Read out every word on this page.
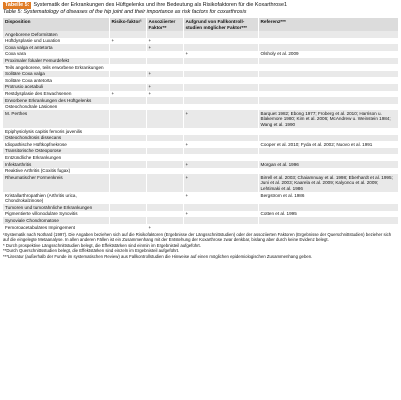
Tabelle 5: Systematik der Erkrankungen des Hüftgelenks und ihre Bedeutung als Risikofaktoren für die Koxarthrose1
Table 5: Systematology of diseases of the hip joint and their importance as risk factors for coxarthrosis
Disposition	Risiko-faktor¹	Assoziierter Faktor**	Aufgrund von Fallkontroll-studien möglicher Faktor***	Referenz***
Angeborene Deformitäten				
Hüftdysplasie und Luxation	+	+		
Coxa valga et antetorta		+		
Coxa vara			+	Olsholy et al. 2009
Proximaler fokaler Femurdefekt				
Teils angeborene, teils erworbene Erkrankungen				
Solitäre Coxa valga		+		
Solitäre Coxa antetorta				
Protrusio acetabuli		+		
Restdysplasie des Erwachsenen	+	+		
Erworbene Erkrankungen des Hüftgelenks				
Osteochondrale Läsionen				
M. Perthes			+	Barquet 1982; Ebong 1977; Froberg et al. 2010; Harrison u. Blakemore 1980; Kim et al. 2006; McAndrew u. Weinstein 1984; Wang et al. 1990
Epiphysiolysis capitis femoris juvenilis				
Osteochondrosis dissecans				
Idiopathische Hüftkopfnekrose			+	Cooper et al. 2010; Fyda et al. 2002; Nuovo et al. 1991
Transitorische Osteoporose				
Entzündliche Erkrankungen				
Infektarthritis			+	Morgan et al. 1996
Reaktive Arthritis (Coxitis fugax)				
Rheumatischer Formenkreis			+	Birrell et al. 2003; Chaiamnuay et al. 1998; Eberhardt et al. 1995; Juni et al. 2003; Kaarela et al. 2009; Kalyoncu et al. 2009; Lehtimaki et al. 1986
Kristallarthropathien (Arthritis urica, Chondrokalzinose)			+	Bergstrom et al. 1986
Tumoren und tumorähnliche Erkrankungen				
Pigmentierte villonoduläre Synovitis			+	Cotten et al. 1995
Synoviale Chondromatose				
Femoroacetabuläres Impingement		+		
¹Systematik nach Nothard (1997). Die Angaben beziehen sich auf die Risikofaktoren (Ergebnisse der Längsschnittstudien) oder der assoziierten Faktoren (Ergebnisse der Querschnittstudien) bezieher sich auf die eingelegte Metaanalyse. In allen anderen Fällen ist ein Zusammenhang mit der Entstehung der Koxarthrose zwar denkbar, bislang aber durch keine Evidenz belegt.
* Durch prospektive Längsschnittstudien belegt, die Effektstärken sind einmin im Ergebnisteil aufgeführt.
**Durch Querschnittsstudien belegt, die Effektstärken sind einzeln im Ergebnisteil aufgeführt.
***Literatur (außerhalb der Funde im systematischen Review) aus Fallkontrollstudien die Hinweise auf einen möglichen epidemiologischen Zusammenhang geben.
